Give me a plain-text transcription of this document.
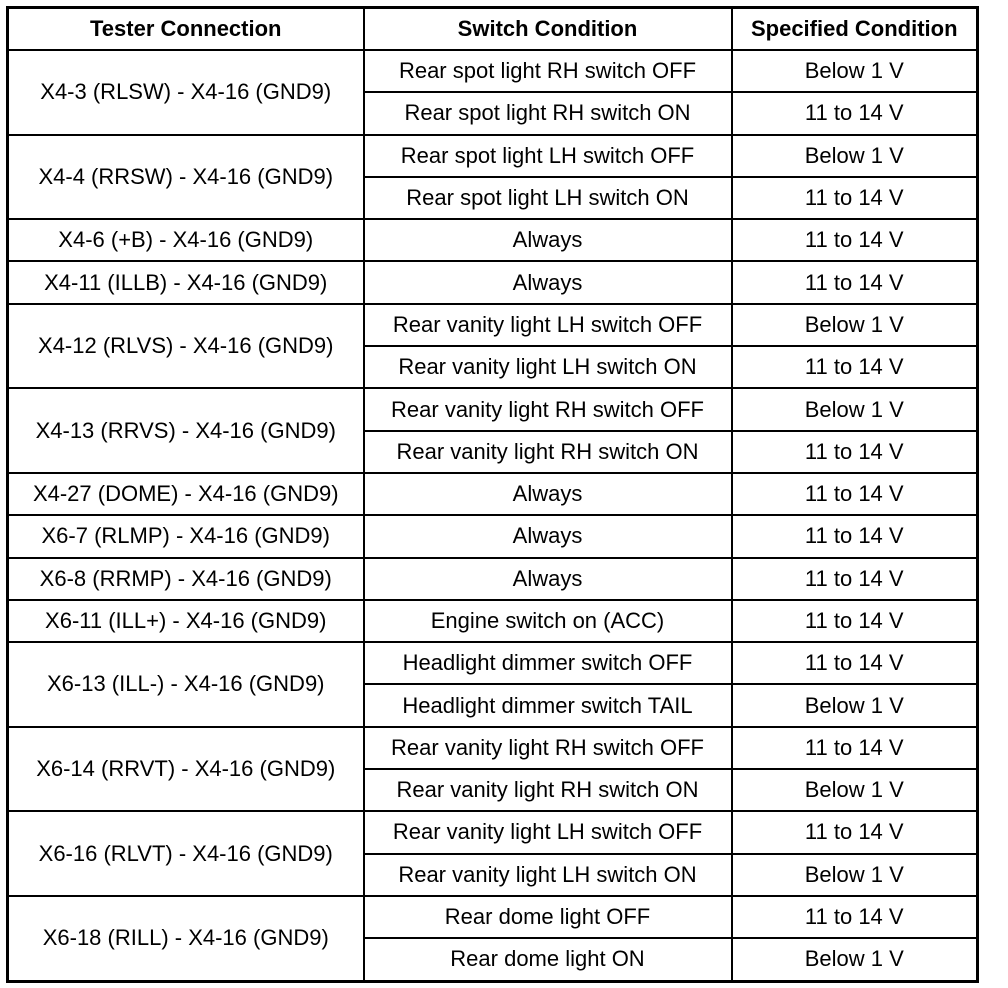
Tester Connection	Switch Condition	Specified Condition
X4-3 (RLSW) - X4-16 (GND9)	Rear spot light RH switch OFF	Below 1 V
	Rear spot light RH switch ON	11 to 14 V
X4-4 (RRSW) - X4-16 (GND9)	Rear spot light LH switch OFF	Below 1 V
	Rear spot light LH switch ON	11 to 14 V
X4-6 (+B) - X4-16 (GND9)	Always	11 to 14 V
X4-11 (ILLB) - X4-16 (GND9)	Always	11 to 14 V
X4-12 (RLVS) - X4-16 (GND9)	Rear vanity light LH switch OFF	Below 1 V
	Rear vanity light LH switch ON	11 to 14 V
X4-13 (RRVS) - X4-16 (GND9)	Rear vanity light RH switch OFF	Below 1 V
	Rear vanity light RH switch ON	11 to 14 V
X4-27 (DOME) - X4-16 (GND9)	Always	11 to 14 V
X6-7 (RLMP) - X4-16 (GND9)	Always	11 to 14 V
X6-8 (RRMP) - X4-16 (GND9)	Always	11 to 14 V
X6-11 (ILL+) - X4-16 (GND9)	Engine switch on (ACC)	11 to 14 V
X6-13 (ILL-) - X4-16 (GND9)	Headlight dimmer switch OFF	11 to 14 V
	Headlight dimmer switch TAIL	Below 1 V
X6-14 (RRVT) - X4-16 (GND9)	Rear vanity light RH switch OFF	11 to 14 V
	Rear vanity light RH switch ON	Below 1 V
X6-16 (RLVT) - X4-16 (GND9)	Rear vanity light LH switch OFF	11 to 14 V
	Rear vanity light LH switch ON	Below 1 V
X6-18 (RILL) - X4-16 (GND9)	Rear dome light OFF	11 to 14 V
	Rear dome light ON	Below 1 V
